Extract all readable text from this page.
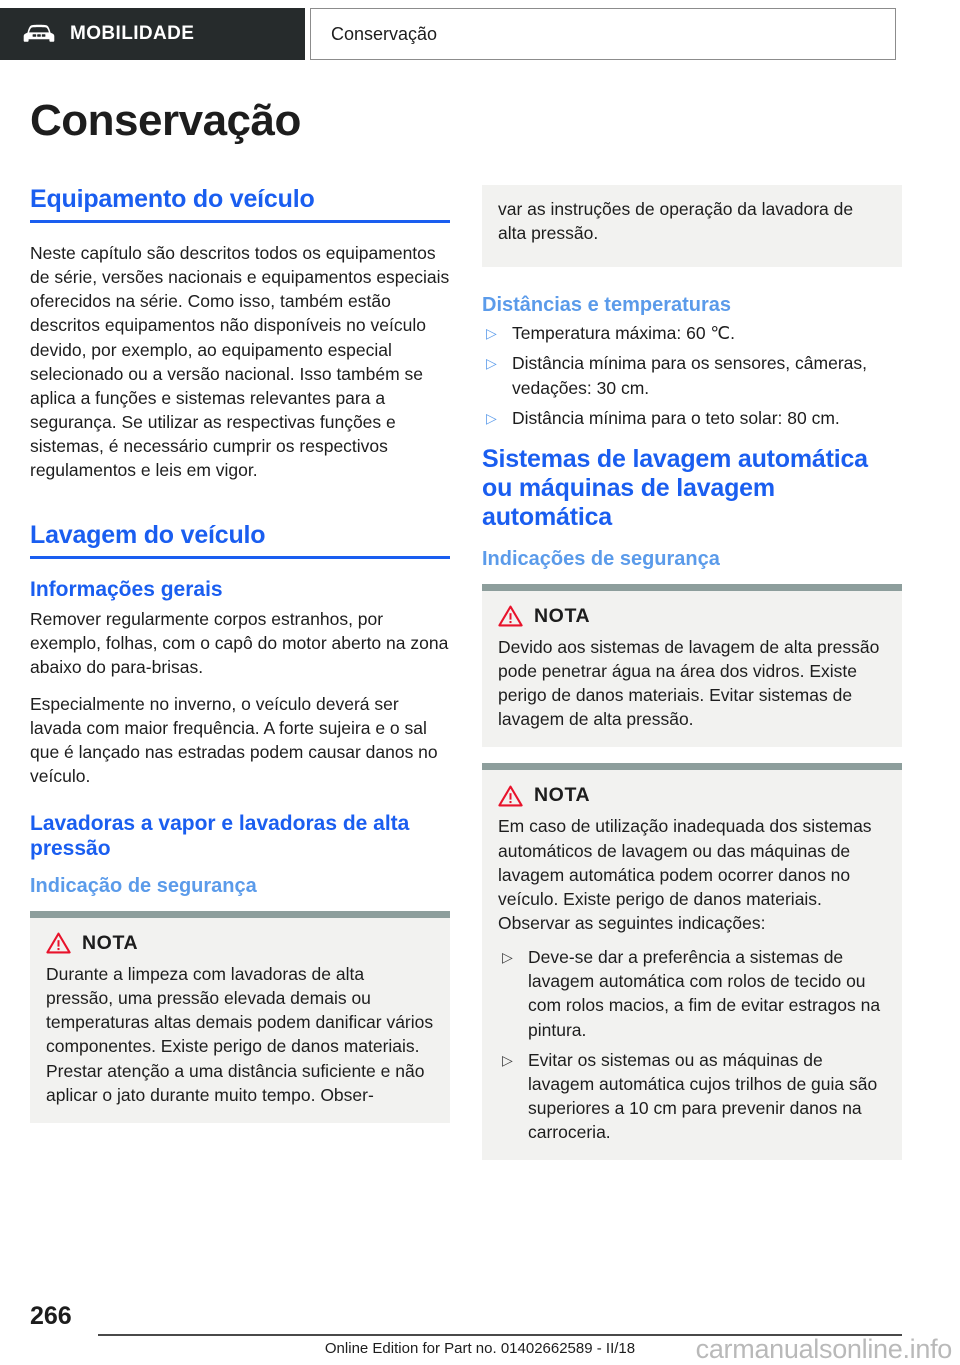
MOBILIDADE	Conservação
Conservação
Equipamento do veículo

Neste capítulo são descritos todos os equipamentos de série, versões nacionais e equipamentos especiais oferecidos na série. Como isso, também estão descritos equipamentos não disponíveis no veículo devido, por exemplo, ao equipamento especial selecionado ou a versão nacional. Isso também se aplica a funções e sistemas relevantes para a segurança. Se utilizar as respectivas funções e sistemas, é necessário cumprir os respectivos regulamentos e leis em vigor.

Lavagem do veículo
Informações gerais

Remover regularmente corpos estranhos, por exemplo, folhas, com o capô do motor aberto na zona abaixo do para-brisas.

Especialmente no inverno, o veículo deverá ser lavada com maior frequência. A forte sujeira e o sal que é lançado nas estradas podem causar danos no veículo.

Lavadoras a vapor e lavadoras de alta pressão
Indicação de segurança
NOTA

Durante a limpeza com lavadoras de alta pressão, uma pressão elevada demais ou temperaturas altas demais podem danificar vários componentes. Existe perigo de danos materiais. Prestar atenção a uma distância suficiente e não aplicar o jato durante muito tempo. Obser-

var as instruções de operação da lavadora de alta pressão.

Distâncias e temperaturas
▷ Temperatura máxima: 60 ℃.
▷ Distância mínima para os sensores, câmeras, vedações: 30 cm.
▷ Distância mínima para o teto solar: 80 cm.
Sistemas de lavagem automática ou máquinas de lavagem automática
Indicações de segurança
NOTA

Devido aos sistemas de lavagem de alta pressão pode penetrar água na área dos vidros. Existe perigo de danos materiais. Evitar sistemas de lavagem de alta pressão.

NOTA

Em caso de utilização inadequada dos sistemas automáticos de lavagem ou das máquinas de lavagem automática podem ocorrer danos no veículo. Existe perigo de danos materiais. Observar as seguintes indicações:

▷ Deve-se dar a preferência a sistemas de lavagem automática com rolos de tecido ou com rolos macios, a fim de evitar estragos na pintura.
▷ Evitar os sistemas ou as máquinas de lavagem automática cujos trilhos de guia são superiores a 10 cm para prevenir danos na carroceria.
266
Online Edition for Part no. 01402662589 - II/18	carmanualsonline.info
